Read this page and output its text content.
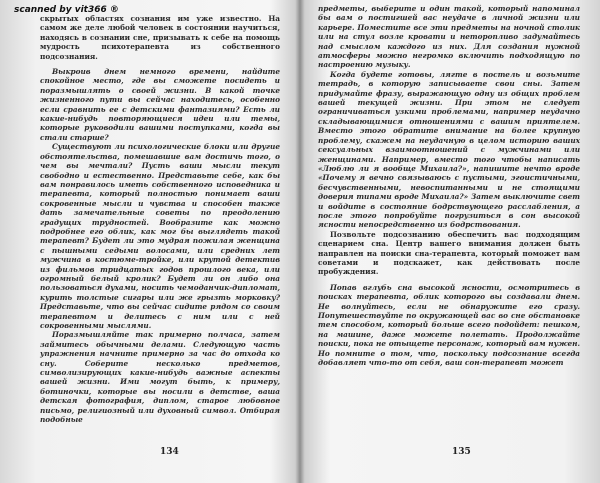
scanned by vit366 ®

скрытых областях сознания им уже известно. На самом же деле любой человек в состоянии научиться, находясь в сознании сне, призывать к себе на помощь мудрость психотерапевта из собственного подсознания.

Выкроив днем немного времени, найдите спокойное место, где вы сможете посидеть и поразмышлять о своей жизни. В какой точке жизненного пути вы сейчас находитесь, особенно если сравнить ее с детскими фантазиями? Есть ли какие-нибудь повторяющиеся идеи или темы, которые руководили вашими поступками, когда вы стали старше?

Существуют ли психологические блоки или другие обстоятельства, помешавшие вам достичь того, о чем вы мечтали? Пусть ваши мысли текут свободно и естественно. Представьте себе, как бы вам понравилось иметь собственного исповедника и терапевта, который полностью понимает ваши сокровенные мысли и чувства и способен также дать замечательные советы по преодолению градущих трудностей. Вообразите как можно подробнее его облик, как мог бы выглядеть такой терапевт? Будет ли это мудрая пожилая женщина с пышными седыми волосами, или средних лет мужчина в костюме-тройке, или крутой детектив из фильмов тридцатых годов прошлого века, или огромный белый кролик? Будет ли он либо она пользоваться духами, носить чемоданчик-дипломат, курить толстые сигары или же грызть морковку? Представьте, что вы сейчас сидите рядом со своим терапевтом и делитесь с ним или с ней сокровенными мыслями.

Поразмышляйте так примерно полчаса, затем займитесь обычными делами. Следующую часть упражнения начните примерно за час до отхода ко сну. Соберите несколько предметов, символизирующих какие-нибудь важные аспекты вашей жизни. Ими могут быть, к примеру, ботиночки, которые вы носили в детстве, ваша детская фотография, диплом, старое любовное письмо, религиозный или духовный символ. Отбирая подобные

134

предметы, выберите и один такой, который напоминал бы вам о постигшей вас неудаче в личной жизни или карьере. Поместите все эти предметы на ночной столик или на стул возле кровати и неторопливо задумайтесь над смыслом каждого из них. Для создания нужной атмосферы можно негромко включить подходящую по настроению музыку.

Когда будете готовы, лягте в постель и возьмите тетрадь, в которую записываете свои сны. Затем придумайте фразу, выражающую одну из общих проблем вашей текущей жизни. При этом не следует ограничиваться узкими проблемами, например неудачно складывающимися отношениями с вашим приятелем. Вместо этого обратите внимание на более крупную проблему, скажем на неудачную в целом историю ваших сексуальных взаимоотношений с мужчинами или женщинами. Например, вместо того чтобы написать «Люблю ли я вообще Михаила?», напишите нечто вроде «Почему я вечно связываюсь с пустыми, эгоистичными, бесчувственными, невоспитанными и не стоящими доверия типами вроде Михаила?» Затем выключите свет и войдите в состояние бодрствующего расслабления, а после этого попробуйте погрузиться в сон высокой ясности непосредственно из бодрствования.

Позвольте подсознанию обеспечить вас подходящим сценарием сна. Центр вашего внимания должен быть направлен на поиски сна-терапевта, который поможет вам советами и подскажет, как действовать после пробуждения.

Попав вглубь сна высокой ясности, осмотритесь в поисках терапевта, облик которого вы создавали днем. Не волнуйтесь, если не обнаружите его сразу. Попутешествуйте по окружающей вас во сне обстановке тем способом, который больше всего подойдет: пешком, на машине, даже можете полетать. Продолжайте поиски, пока не отыщете персонаж, который вам нужен. Но помните о том, что, поскольку подсознание всегда добавляет что-то от себя, ваш сон-терапевт может

135
